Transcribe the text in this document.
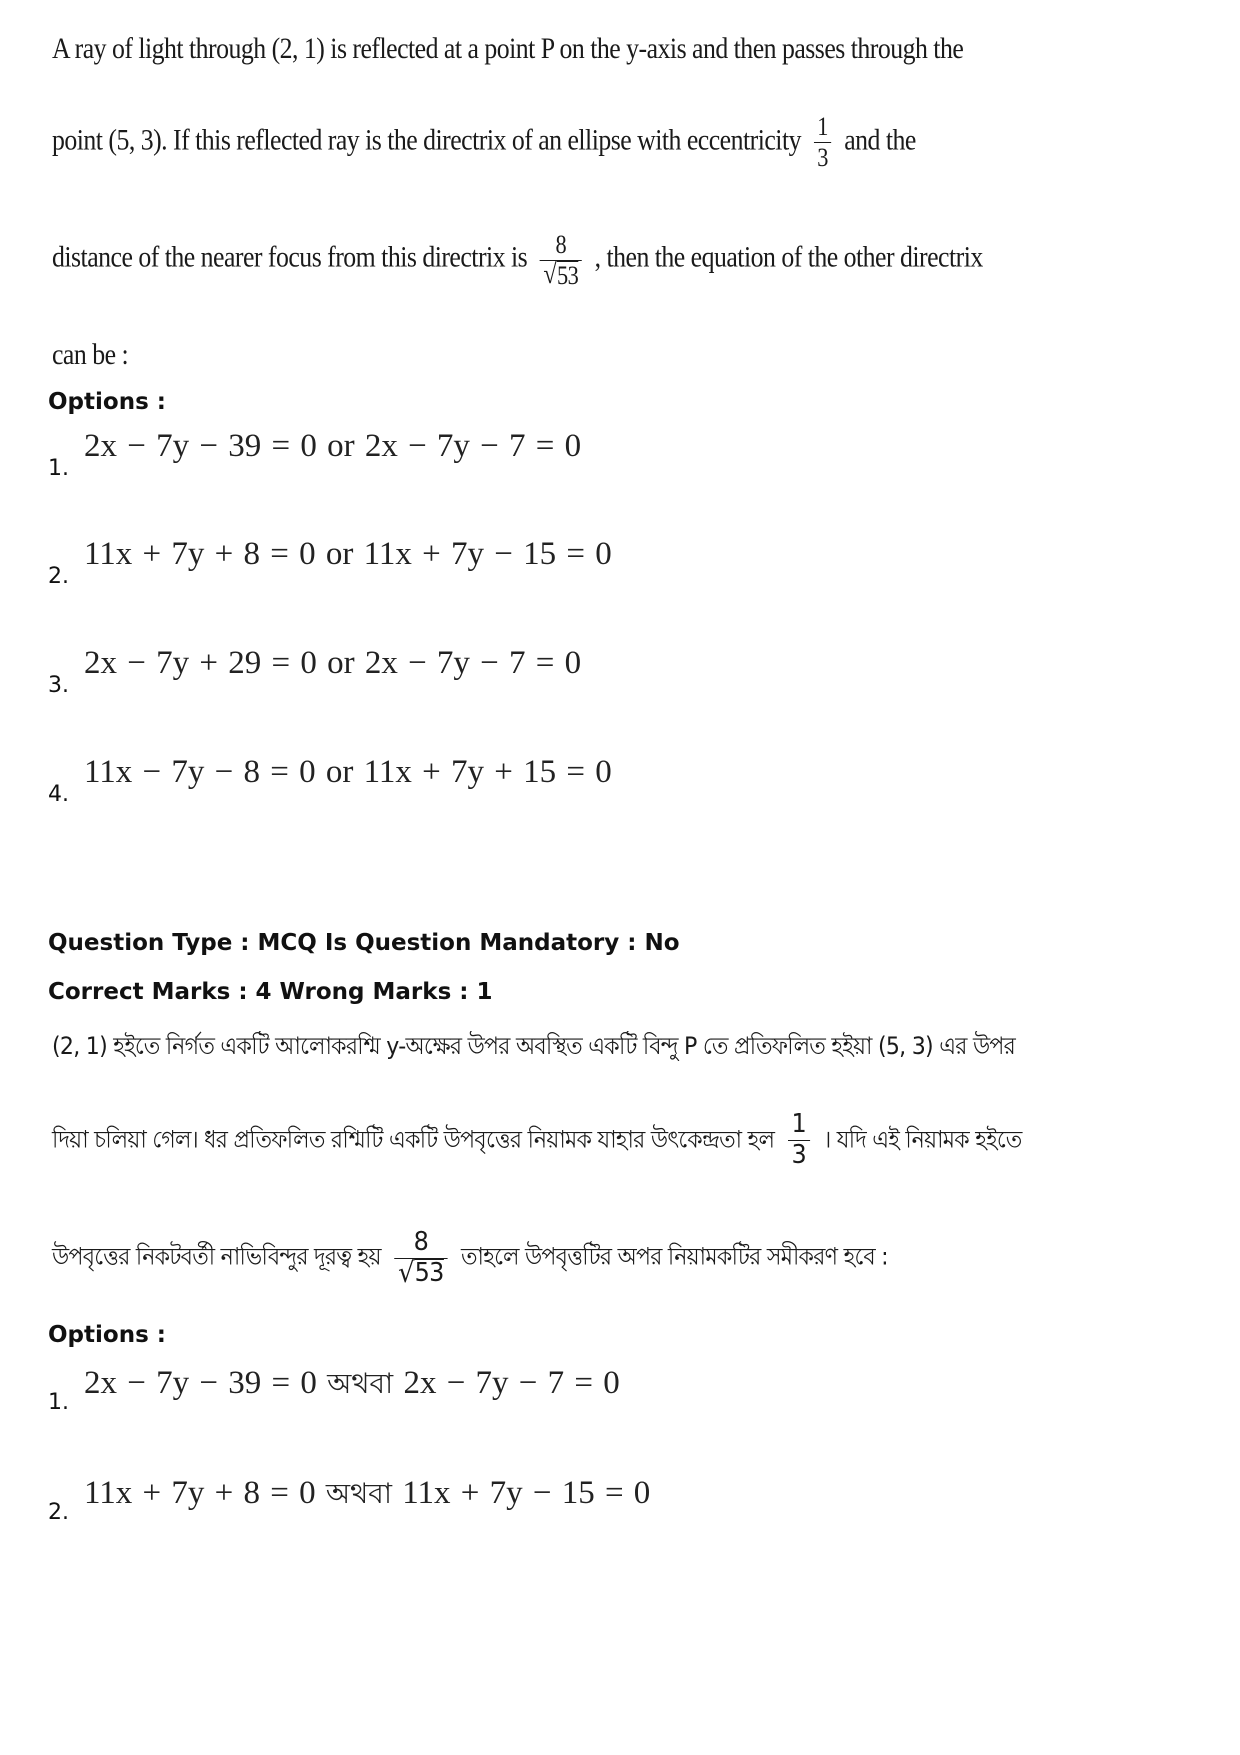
A ray of light through (2, 1) is reflected at a point P on the y-axis and then passes through the
point (5, 3). If this reflected ray is the directrix of an ellipse with eccentricity $\frac{1}{3}$ and the
distance of the nearer focus from this directrix is $\frac{8}{√ 53}$ , then the equation of the other directrix
can be :
Options :
1.
2x − 7y − 39 = 0 or 2x − 7y − 7 = 0
2.
11x + 7y + 8 = 0 or 11x + 7y − 15 = 0
3.
2x − 7y + 29 = 0 or 2x − 7y − 7 = 0
4.
11x − 7y − 8 = 0 or 11x + 7y + 15 = 0
Question Type : MCQ Is Question Mandatory : No
Correct Marks : 4 Wrong Marks : 1
(2, 1) হইতে নির্গত একটি আলোকরশ্মি y-অক্ষের উপর অবস্থিত একটি বিন্দু P তে প্রতিফলিত হইয়া (5, 3) এর উপর
দিয়া চলিয়া গেল। ধর প্রতিফলিত রশ্মিটি একটি উপবৃত্তের নিয়ামক যাহার উৎকেন্দ্রতা হল $\frac{1}{3}$ । যদি এই নিয়ামক হইতে
উপবৃত্তের নিকটবর্তী নাভিবিন্দুর দূরত্ব হয় $\frac{8}{√ 53}$ তাহলে উপবৃত্তটির অপর নিয়ামকটির সমীকরণ হবে :
Options :
1.
2x − 7y − 39 = 0 অথবা 2x − 7y − 7 = 0
2.
11x + 7y + 8 = 0 অথবা 11x + 7y − 15 = 0
